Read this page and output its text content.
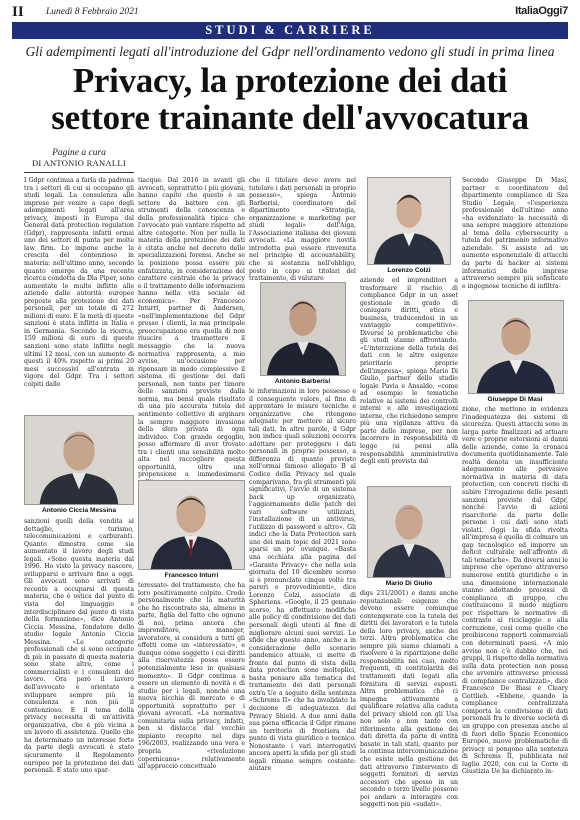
II Lunedì 8 Febbraio 2021	ItaliaOggi7
STUDI & CARRIERE
Gli adempimenti legati all'introduzione del Gdpr nell'ordinamento vedono gli studi in prima linea
Privacy, la protezione dei dati
settore trainante dell'avvocatura
Pagine a cura
DI ANTONIO RANALLI

I Gdpr continua a farla da padrona tra i settori di cui si occupano gli studi legali. La consulenza alle imprese per venire a capo degli adempimenti legati all'area privacy, imposti in Europa dal General data protection regulation (Gdpr), rappresenta infatti ormai uno dei settori di punta per molte law firm. Lo impone anche la crescita del contenzioso in materia: nell'ultimo anno, secondo quanto emerge da una recente ricerca condotta da Dla Piper, sono aumentate le multe inflitte alle aziende dalle autorità europee preposte alla protezione dei dati personali, per un totale di 272 milioni di euro. E la metà di queste sanzioni è stata inflitta in Italia e in Germania. Secondo la ricerca, 159 milioni di euro di queste sanzioni sono state inflitte negli ultimi 12 mesi, con un aumento di questi il 40% rispetto ai primi 20 mesi successivi all'entrata in vigore del Gdpr. Tra i settori colpiti dalle

Antonio Ciccia Messina

sanzioni quelli della vendita al dettaglio, turismo, telecomunicazioni e carburanti. Quanto dimostra come sia aumentato il lavoro degli studi legali. «Sono questa materia dal 1996. Ho visto la privacy nascere, svilupparsi e arrivare fino a oggi. Gli avvocati sono arrivati di recente a occuparsi di questa materia, che è ostica dal punto di vista del linguaggio e interdisciplinare dal punto di vista della formazione», dice Antonio Ciccia Messina, fondatore dello studio legale Antonio Ciccia Messina. «Le categorie professionali che si sono occupate di più in passato di questa materia sono state altre, come i commercialisti e i consulenti del lavoro. Ora però il lavoro dell'avvocato è orientato a sviluppare sempre più la consulenza e non più il contenzioso. E il tema della privacy necessita di un'attività organizzativa, che è più vicina a un lavoro di assistenza. Quello che ha determinato un interesse forte da parte degli avvocati è stato sicuramente il Regolamento europeo per la protezione dei dati personali. E stato uno spar-

tiacque. Dal 2016 in avanti gli avvocati, soprattutto i più giovani, hanno capito che questo è un settore da battere con gli strumenti della conoscenza e della professionalità tipica che l'avvocato può vantare rispetto ad altre categorie. Non per nulla la materia della protezione dei dati è citata anche nel decreto delle specializzazioni forensi. Anche se la posizione possa essere più enfatizzata, in considerazione del carattere centrale che la privacy e il trattamento delle informazioni hanno nella vita sociale ed economica». Per Francesco Inturri, partner di Andersen, «nell'implementazione del Gdpr presso i clienti, la mia principale preoccupazione era quella di non riuscire a trasmettere il messaggio che la nuova normativa rappresenta, a mio avviso, un'occasione per ripensare in modo complessivo il sistema di gestione dei dati personali, non tanto per timore delle sanzioni previste dalla norma, ma bensì quale risultato di una più accurata tutela del sentimento collettivo di arginare la sempre maggiore invasione della sfera privata di ogni individuo. Con grande orgoglio, posso affermare di aver trovato tra i clienti una sensibilità molto alta nel raccogliere questa opportunità, oltre una propensione a immedesimarsi

Francesco Inturri

teressato- del trattamento, che ha loro positivamente colpito. Credo personalmente che la maturità che ho riscontrato sia, almeno in parte, figlia del fatto che ognuno di noi, prima ancora che imprenditore, manager, lavoratore, si considera a tutti gli effetti come un «interessato», e dunque come soggetto i cui diritti alla riservatezza possa essere potenzialmente leso in qualsiasi momento». Il Gdpr continua a essere un elemento di novità e di studio per i legali, nonché una nuova nicchia di mercato e di opportunità soprattutto per i giovani avvocati. «La normativa comunitaria sulla privacy, infatti, ben si distacca dal vecchio impianto recepito nel digs 196/2003, realizzando una vera e propria «rivoluzione copernicana» relativamente all'approccio concettuale

che il titolare deve avere nel tutelare i dati personali in proprio possesso», spiega Antonio Barberisi, coordinatore del dipartimento «Strategia, organizzazione e marketing per studi legali» dell'Aiga, l'Associazione italiana dei giovani avvocati. «La maggiore novità introdotta può essere rinvenuta nel principio di accountability, che si sostanzia nell'obbligo, posto in capo ai titolari del trattamento, di valutare

Antonio Barberisi

le informazioni in loro possesso e il conseguente valore, al fine di approntare le misure tecniche e organizzative che ritengono adeguate per mettere al sicuro tali dati. In altre parole, il Gdpr non indica quali soluzioni occorra adottare per proteggere i dati personali in proprio possesso, a differenza di quanto previsto nell'ormai famoso allegato B al Codice della Privacy nel quale comparivano, fra gli strumenti più significativi, l'avvio di un sistema back up organizzato, l'aggiornamento delle patch dei vari software utilizzati, l'installazione di un antivirus, l'utilizzo di password e altro». Gli indici che la Data Protection sarà uno dei main topic del 2021 sono sparsi un po' ovunque. «Basta una occhiata alla pagina del «Garante Privacy» che nella sola giornata del 10 dicembre scorso si è pronunciato cinque volte tra pareri e provvedimenti», dice Lorenzo Colzi, associate di Spheriens. «Google, il 25 gennaio scorso, ha effettuato modifiche alle policy di condivisione dei dati personali degli utenti al fine di migliorare alcuni suoi servizi. Le sfide che questo anno, anche a in considerazione dello scenario pandemico attuale, ci mette di fronte dal punto di vista della data protection sono molteplici, basta pensare alla tematica del trattamento dei dati personali extra Ue a seguito della sentenza «Schrems II» che ha invalidato la decisione di adeguatezza del Privacy Shield. A due anni dalla sua piena efficacia il Gdpr rimane un territorio di frontiera dal punto di vista giuridico e tecnico. Nonostante i vari interrogativi ancora aperti la sfida per gli studi legali rimane sempre costante: aiutare

Lorenzo Colzi

aziende ed imprenditori a trasformare il rischio di compliance Gdpr in un asset gestionale in grado di coniugare diritti, etica e business, traducendosi in un vantaggio competitivo». Diverse le problematiche che gli studi stanno affrontando. «L'interazione della tutela dei dati con le altre esigenze prioritarie proprie dell'impresa», spiega Mario Di Giulio, partner dello studio legale Pavia e Ansaldo, «come ad esempio le tematiche relative ai sistemi dei controlli interni e alle investigazioni interne, che richiedono sempre più una vigilanza attiva da parte delle imprese, per non incorrere in responsabilità di legge (si pensi alla responsabilità amministrativa degli enti prevista dal

Mario Di Giulio

digs 231/2001) e danni anche reputazionali: esigenze che devono essere comunque contemperate con la tutela dei diritti dei lavoratori e la tutela della loro privacy, anche dei terzi. Altra problematica che sempre più siamo chiamati a risolvere è la ripartizione delle responsabilità nei casi, molto frequenti, di contitolarità dei trattamenti dati legati alla fornitura di servizi esposti. Altra problematica che ci impegna attivamente a qualificare relativa alla caduta del privacy shield con gli Usa non solo e non tanto con riferimento alla gestione dei dati diretta da parte di entità basate in tali stati, quanto per la continua intercomunicazione che esiste nella gestione dei dati attraverso l'intervento di soggetti fornitori di servizi accessori che spesso in un secondo o terzo livello possono poi andare a interagire con soggetti non più «sudati».

Secondo Giuseppe Di Masi, partner e coordinatore del dipartimento compliance di Sza Studio Legale, «l'esperienza professionale dell'ultimo anno «ha evidenziato la necessità di una sempre maggiore attenzione al tema della cybersecurity a tutela del patrimonio informativo aziendale. Si assiste ad un aumento esponenziale di attacchi da parte di hacker ai sistemi informatici delle imprese attraverso sempre più sofisticate e ingegnose tecniche di infiltra-

Giuseppe Di Masi

zione, che mettono in evidenza l'inadeguatezza dei sistemi di sicurezza. Questi attacchi sono in larga parte finalizzati ad attuare vere e proprie estorsioni ai danni delle aziende, come la cronaca documenta quotidianamente. Tale realtà denota un insufficiente adeguamento alle pervasive normativa in materia di data protection, con concreti rischi di subire l'irrogazione delle pesanti sanzioni previste dal Gdpr, nonché l'avvio di azioni risarcitorie da parte delle persone i cui dati sono stati violati. Oggi la sfida rivolta all'impresa è quella di colmare un gap tecnologico ed imporre un deficit culturale nell'affronto di tali tematiche». Da diversi anni le imprese che operano attraverso numerose entità giuridiche e in una dimensione internazionale stanno adottando processi di compliance di gruppo, che costituiscono il modo migliore per rispettare le normative di contrasto al riciclaggio e alla corruzione, così come quelle che proibiscono rapporti commerciali con determinati paesi. «A mio avviso non c'è dubbio che, nei gruppi, il rispetto della normativa sulla data protection non possa che avvenire attraverso processi di compliance centralizzati», dice Francesco De Biasi e Cleary Gottlieb. «Ebbene, quando la compliance centralizzata comporta la condivisione di dati personali fra le diverse società di un gruppo con presenza anche al di fuori dello Spazio Economico Europeo, nuove problematiche di privacy si pongono alla sentenza di Schrems II, pubblicata nel luglio 2020, con cui la Corte di Giustizia Ue ha dichiarato in-
